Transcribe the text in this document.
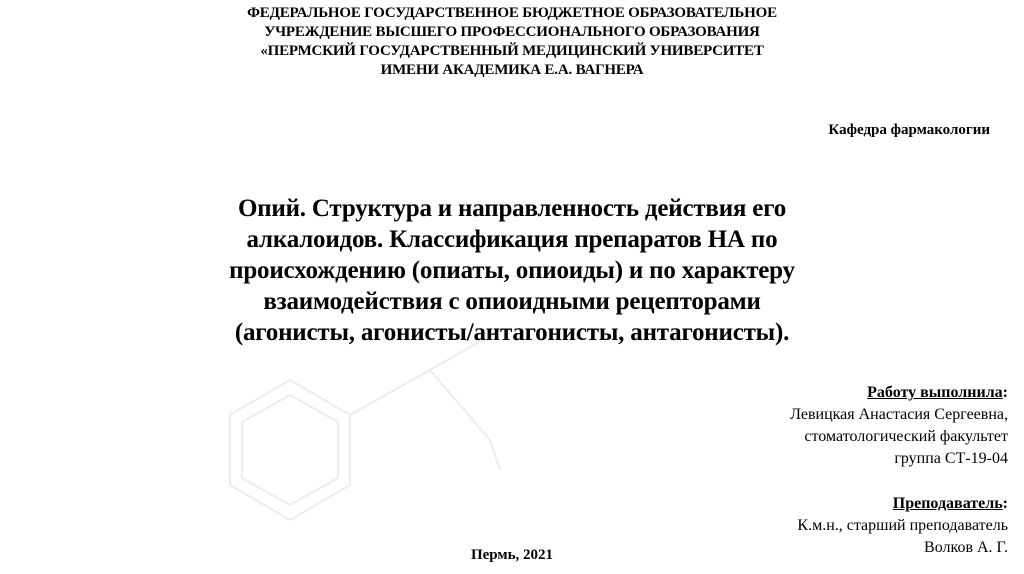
ФЕДЕРАЛЬНОЕ ГОСУДАРСТВЕННОЕ БЮДЖЕТНОЕ ОБРАЗОВАТЕЛЬНОЕ
УЧРЕЖДЕНИЕ ВЫСШЕГО ПРОФЕССИОНАЛЬНОГО ОБРАЗОВАНИЯ
«ПЕРМСКИЙ ГОСУДАРСТВЕННЫЙ МЕДИЦИНСКИЙ УНИВЕРСИТЕТ
ИМЕНИ АКАДЕМИКА Е.А. ВАГНЕРА
Кафедра фармакологии
Опий. Структура и направленность действия его
алкалоидов. Классификация препаратов НА по
происхождению (опиаты, опиоиды) и по характеру
взаимодействия с опиоидными рецепторами
(агонисты, агонисты/антагонисты, антагонисты).
Работу выполнила:
Левицкая Анастасия Сергеевна,
стоматологический факультет
группа СТ-19-04
Преподаватель:
К.м.н., старший преподаватель
Волков А. Г.
Пермь, 2021
